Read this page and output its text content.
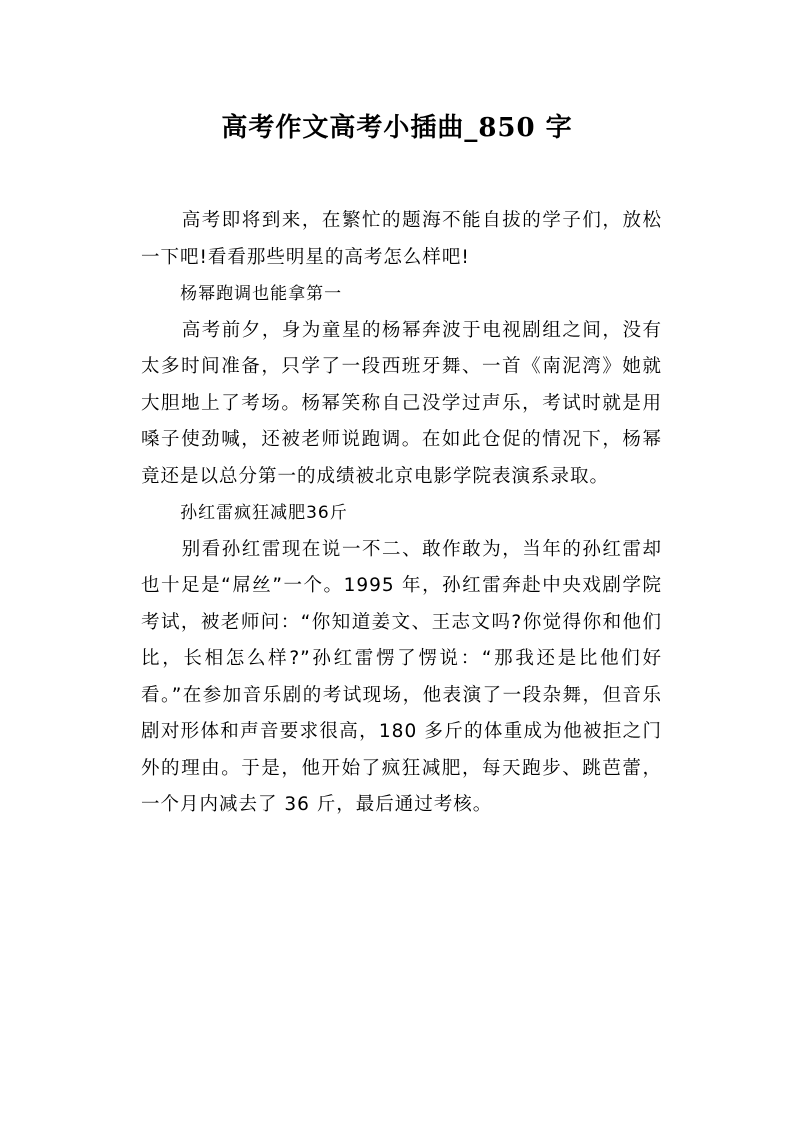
高考作文高考小插曲_850 字

高考即将到来，在繁忙的题海不能自拔的学子们，放松一下吧!看看那些明星的高考怎么样吧!

杨幂跑调也能拿第一

高考前夕，身为童星的杨幂奔波于电视剧组之间，没有太多时间准备，只学了一段西班牙舞、一首《南泥湾》她就大胆地上了考场。杨幂笑称自己没学过声乐，考试时就是用嗓子使劲喊，还被老师说跑调。在如此仓促的情况下，杨幂竟还是以总分第一的成绩被北京电影学院表演系录取。

孙红雷疯狂减肥36斤

别看孙红雷现在说一不二、敢作敢为，当年的孙红雷却也十足是“屌丝”一个。1995 年，孙红雷奔赴中央戏剧学院考试，被老师问：“你知道姜文、王志文吗?你觉得你和他们比，长相怎么样?”孙红雷愣了愣说：“那我还是比他们好看。”在参加音乐剧的考试现场，他表演了一段杂舞，但音乐剧对形体和声音要求很高，180 多斤的体重成为他被拒之门外的理由。于是，他开始了疯狂减肥，每天跑步、跳芭蕾，一个月内减去了 36 斤，最后通过考核。
